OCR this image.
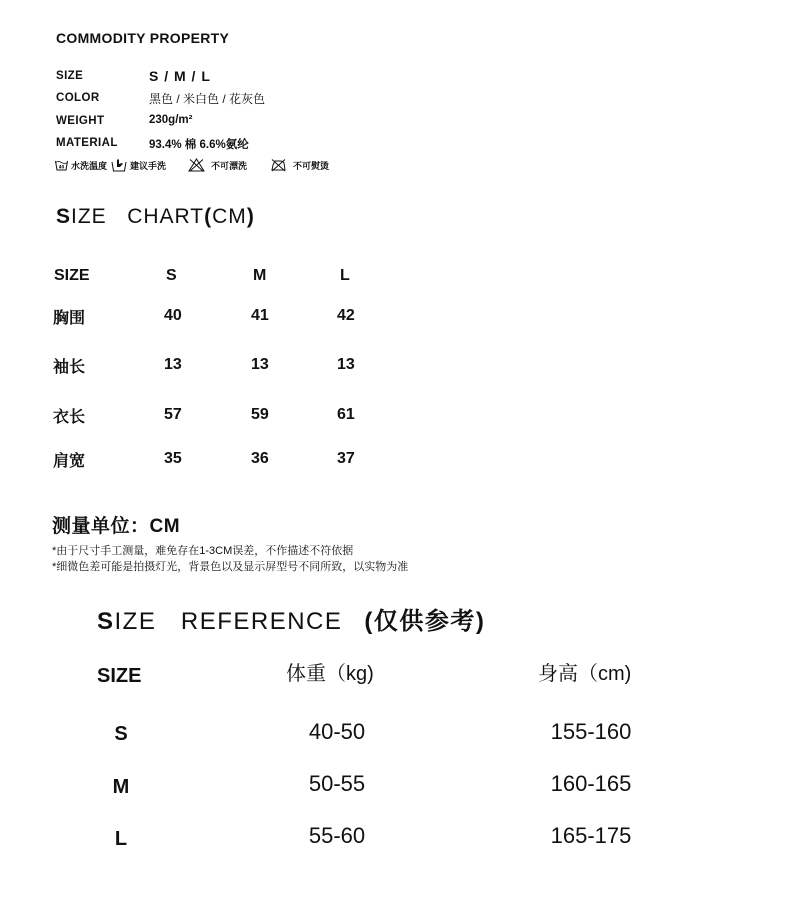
COMMODITY PROPERTY
SIZE	S / M / L
COLOR	黑色 / 米白色 / 花灰色
WEIGHT	230g/m²
MATERIAL	93.4% 棉 6.6%氨纶
40 水洗温度	建议手洗	不可漂洗	不可熨烫
SIZE   CHART(CM)
SIZE	S	M	L
胸围	40	41	42
袖长	13	13	13
衣长	57	59	61
肩宽	35	36	37
测量单位：CM
*由于尺寸手工测量，难免存在1-3CM误差，不作描述不符依据
*细微色差可能是拍摄灯光，背景色以及显示屏型号不同所致，以实物为准
SIZE   REFERENCE (仅供参考)
SIZE	体重（kg)	身高（cm)
S	40-50	155-160
M	50-55	160-165
L	55-60	165-175
